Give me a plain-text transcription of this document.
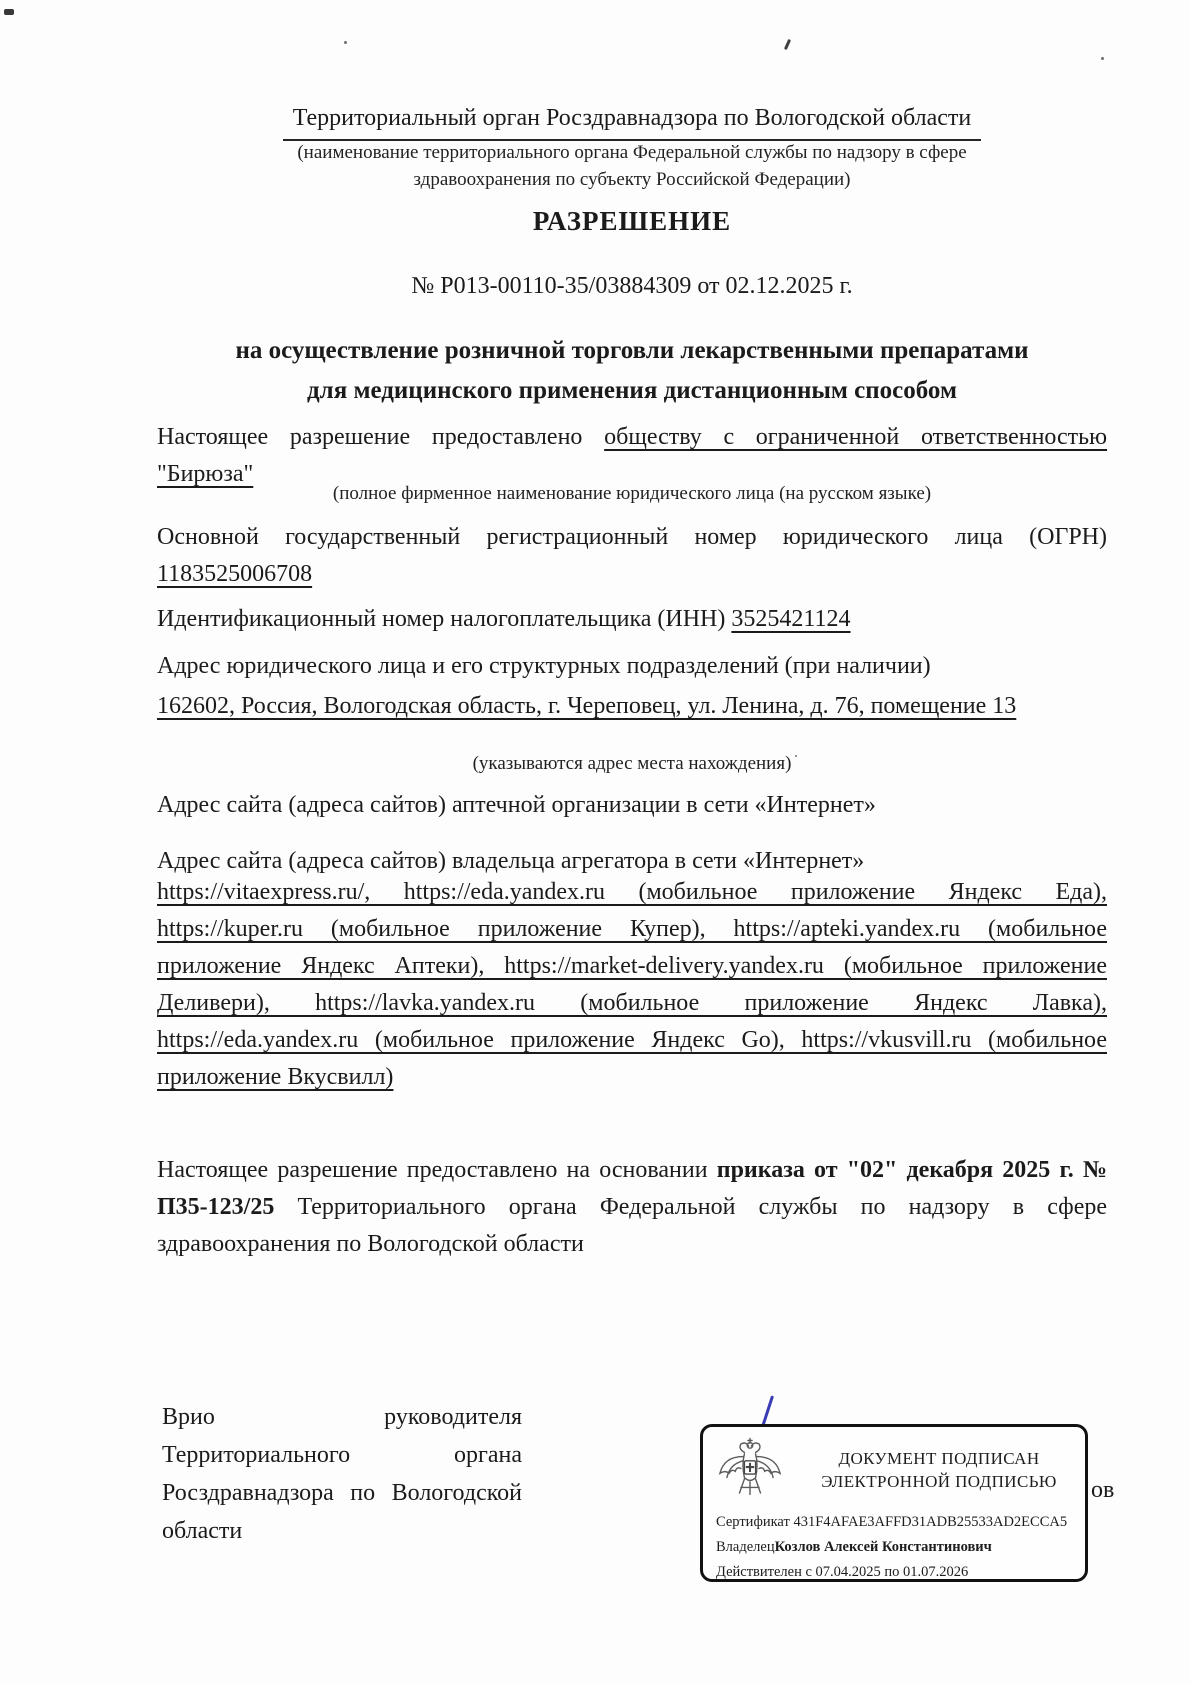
Территориальный орган Росздравнадзора по Вологодской области
(наименование территориального органа Федеральной службы по надзору в сфере
здравоохранения по субъекту Российской Федерации)
РАЗРЕШЕНИЕ
№ Р013-00110-35/03884309 от 02.12.2025 г.
на осуществление розничной торговли лекарственными препаратами
для медицинского применения дистанционным способом
Настоящее разрешение предоставлено обществу с ограниченной ответственностью "Бирюза"
(полное фирменное наименование юридического лица (на русском языке)
Основной государственный регистрационный номер юридического лица (ОГРН) 1183525006708
Идентификационный номер налогоплательщика (ИНН) 3525421124
Адрес юридического лица и его структурных подразделений (при наличии)
162602, Россия, Вологодская область, г. Череповец, ул. Ленина, д. 76, помещение 13
(указываются адрес места нахождения)
Адрес сайта (адреса сайтов) аптечной организации в сети «Интернет»
Адрес сайта (адреса сайтов) владельца агрегатора в сети «Интернет»
https://vitaexpress.ru/, https://eda.yandex.ru (мобильное приложение Яндекс Еда), https://kuper.ru (мобильное приложение Купер), https://apteki.yandex.ru (мобильное приложение Яндекс Аптеки), https://market-delivery.yandex.ru (мобильное приложение Деливери), https://lavka.yandex.ru (мобильное приложение Яндекс Лавка), https://eda.yandex.ru (мобильное приложение Яндекс Go), https://vkusvill.ru (мобильное приложение Вкусвилл)
Настоящее разрешение предоставлено на основании приказа от "02" декабря 2025 г. № П35-123/25 Территориального органа Федеральной службы по надзору в сфере здравоохранения по Вологодской области
Врио руководителя Территориального органа Росздравнадзора по Вологодской области
ов
ДОКУМЕНТ ПОДПИСАН
ЭЛЕКТРОННОЙ ПОДПИСЬЮ
Сертификат 431F4AFAE3AFFD31ADB25533AD2ECCA5
ВладелецКозлов Алексей Константинович
Действителен с 07.04.2025 по 01.07.2026
